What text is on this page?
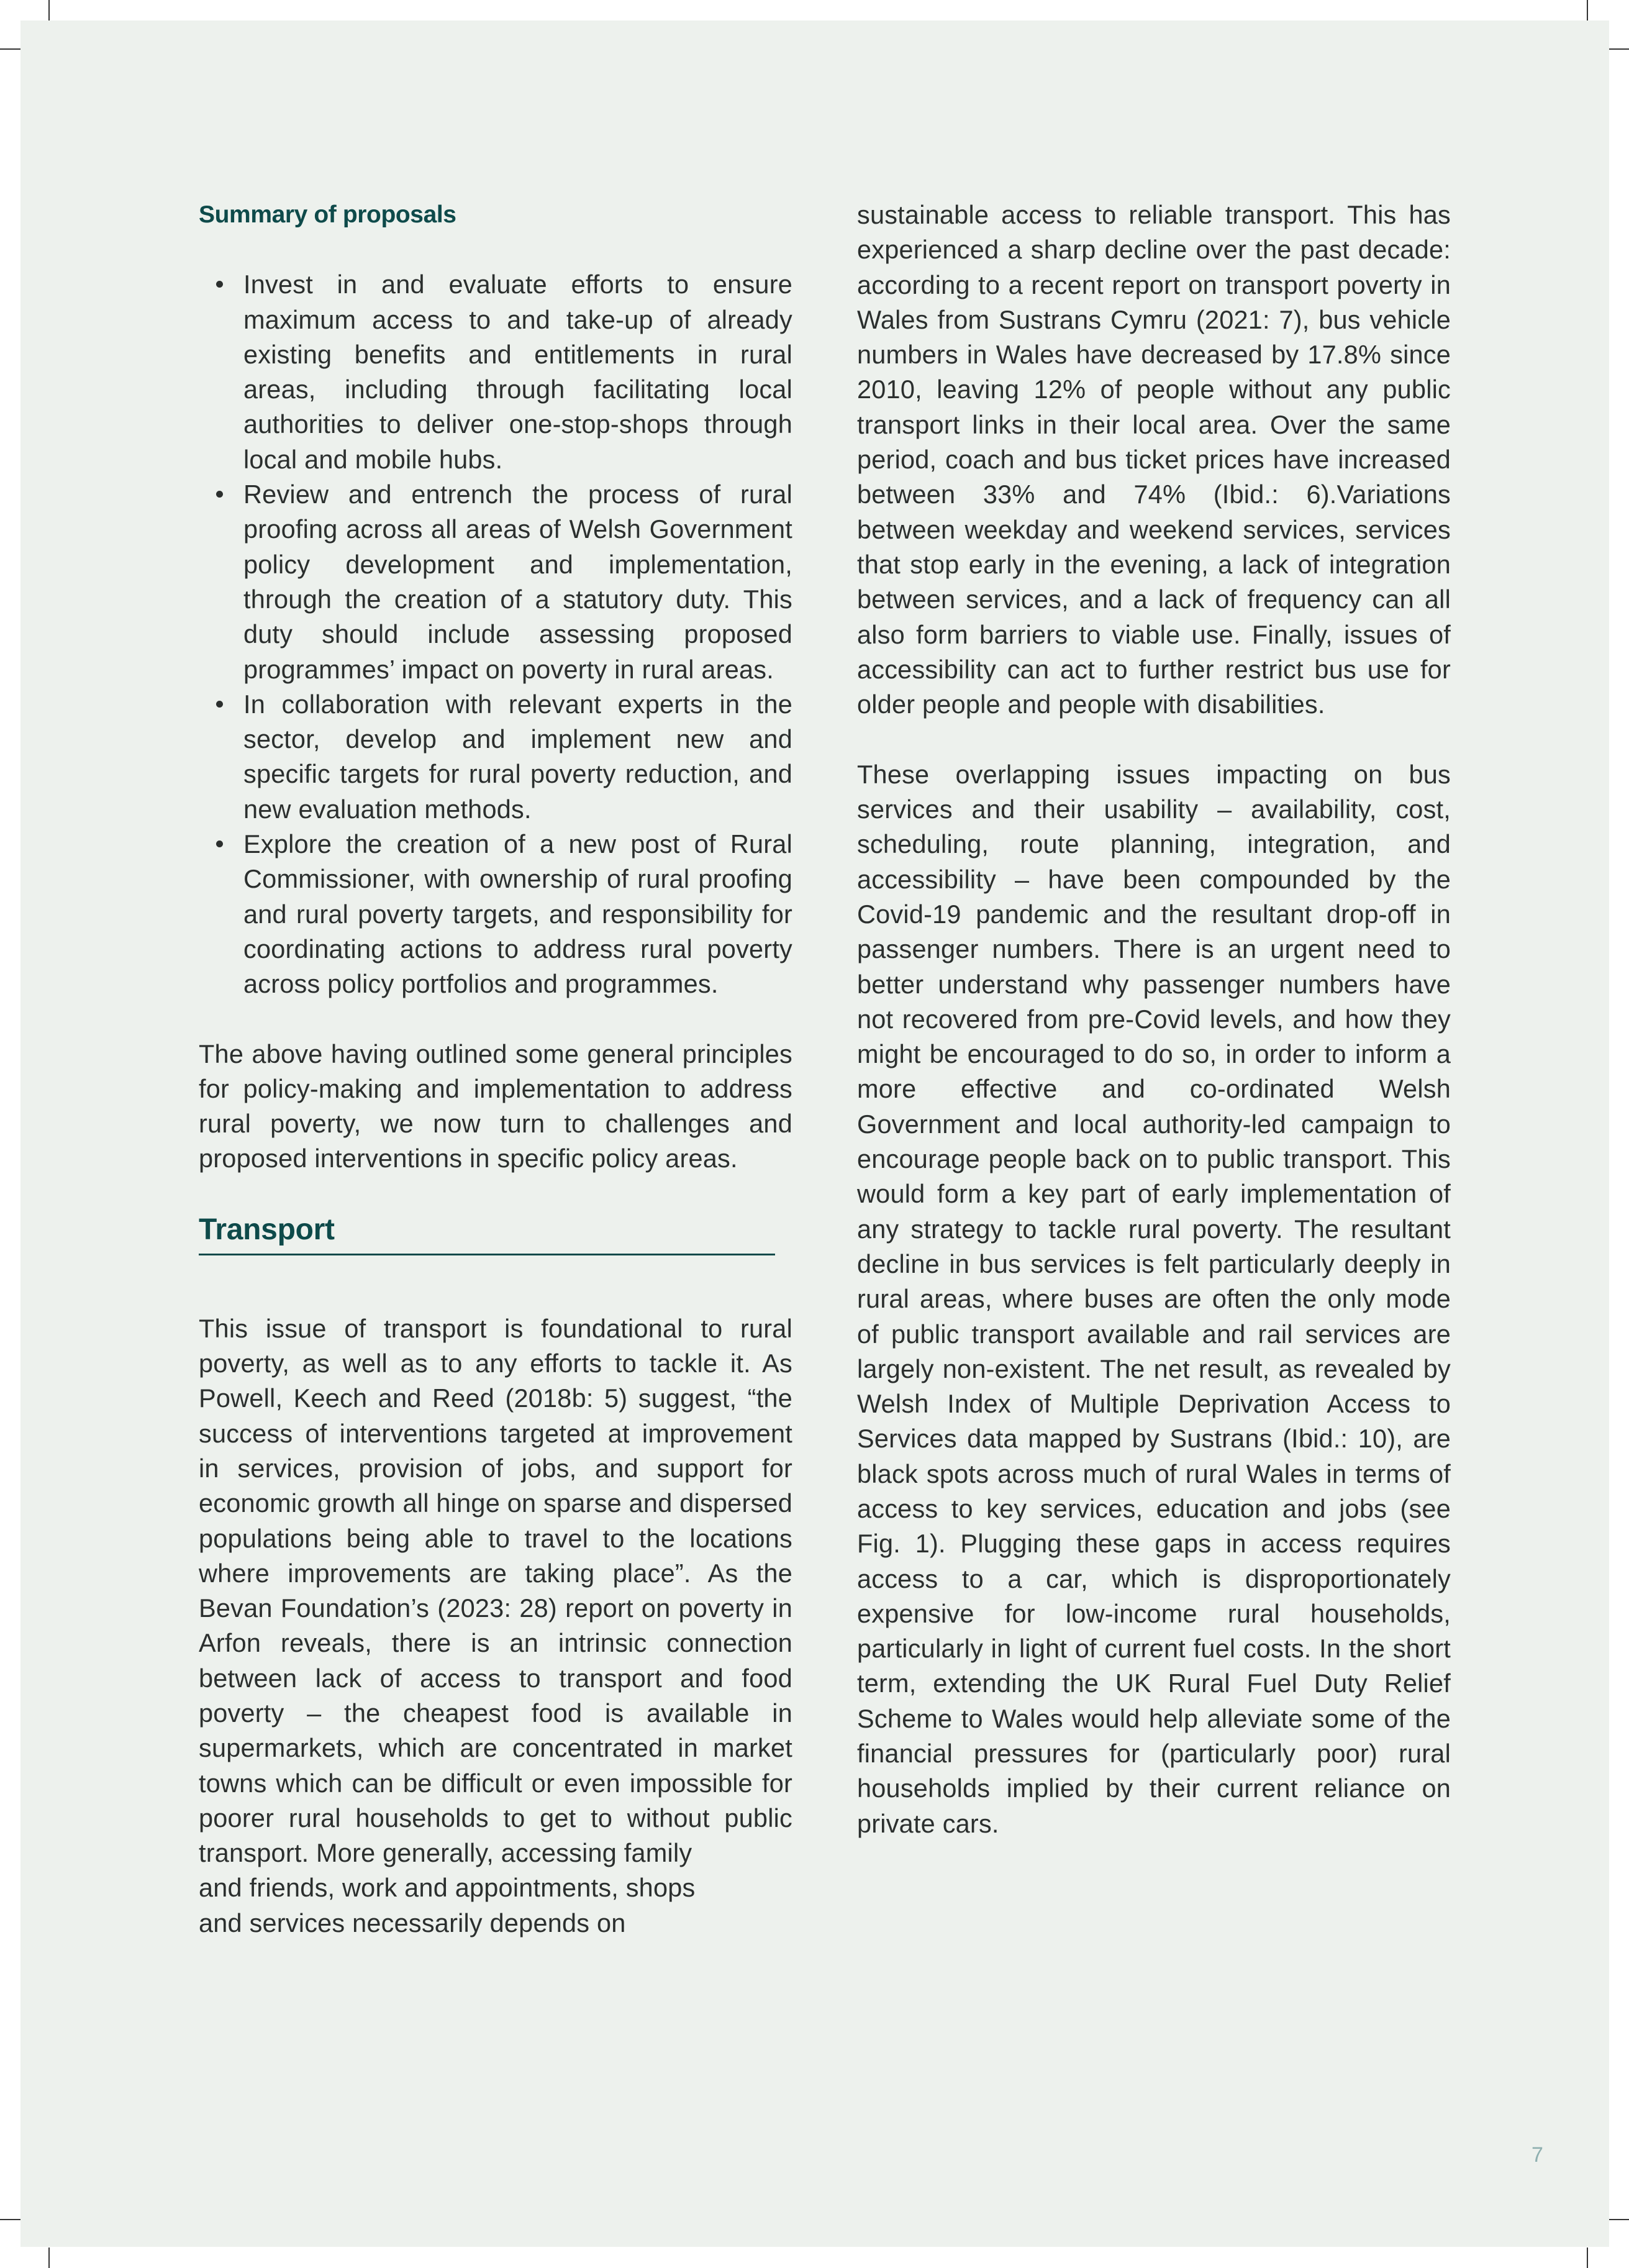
Summary of proposals
Invest in and evaluate efforts to ensure maximum access to and take-up of already existing benefits and entitlements in rural areas, including through facilitating local authorities to deliver one-stop-shops through local and mobile hubs.
Review and entrench the process of rural proofing across all areas of Welsh Government policy development and implementation, through the creation of a statutory duty. This duty should include assessing proposed programmes’ impact on poverty in rural areas.
In collaboration with relevant experts in the sector, develop and implement new and specific targets for rural poverty reduction, and new evaluation methods.
Explore the creation of a new post of Rural Commissioner, with ownership of rural proofing and rural poverty targets, and responsibility for coordinating actions to address rural poverty across policy portfolios and programmes.

The above having outlined some general principles for policy-making and implementation to address rural poverty, we now turn to challenges and proposed interventions in specific policy areas.

Transport

This issue of transport is foundational to rural poverty, as well as to any efforts to tackle it. As Powell, Keech and Reed (2018b: 5) suggest, “the success of interventions targeted at improvement in services, provision of jobs, and support for economic growth all hinge on sparse and dispersed populations being able to travel to the locations where improvements are taking place”. As the Bevan Foundation’s (2023: 28) report on poverty in Arfon reveals, there is an intrinsic connection between lack of access to transport and food poverty – the cheapest food is available in supermarkets, which are concentrated in market towns which can be difficult or even impossible for poorer rural households to get to without public transport. More generally, accessing family

and friends, work and appointments, shops
and services necessarily depends on

sustainable access to reliable transport. This has experienced a sharp decline over the past decade: according to a recent report on transport poverty in Wales from Sustrans Cymru (2021: 7), bus vehicle numbers in Wales have decreased by 17.8% since 2010, leaving 12% of people without any public transport links in their local area. Over the same period, coach and bus ticket prices have increased between 33% and 74% (Ibid.: 6).Variations between weekday and weekend services, services that stop early in the evening, a lack of integration between services, and a lack of frequency can all also form barriers to viable use. Finally, issues of accessibility can act to further restrict bus use for older people and people with disabilities.

These overlapping issues impacting on bus services and their usability – availability, cost, scheduling, route planning, integration, and accessibility – have been compounded by the Covid-19 pandemic and the resultant drop-off in passenger numbers. There is an urgent need to better understand why passenger numbers have not recovered from pre-Covid levels, and how they might be encouraged to do so, in order to inform a more effective and co-ordinated Welsh Government and local authority-led campaign to encourage people back on to public transport. This would form a key part of early implementation of any strategy to tackle rural poverty. The resultant decline in bus services is felt particularly deeply in rural areas, where buses are often the only mode of public transport available and rail services are largely non-existent. The net result, as revealed by Welsh Index of Multiple Deprivation Access to Services data mapped by Sustrans (Ibid.: 10), are black spots across much of rural Wales in terms of access to key services, education and jobs (see Fig. 1). Plugging these gaps in access requires access to a car, which is disproportionately expensive for low-income rural households, particularly in light of current fuel costs. In the short term, extending the UK Rural Fuel Duty Relief Scheme to Wales would help alleviate some of the financial pressures for (particularly poor) rural households implied by their current reliance on private cars.

7
